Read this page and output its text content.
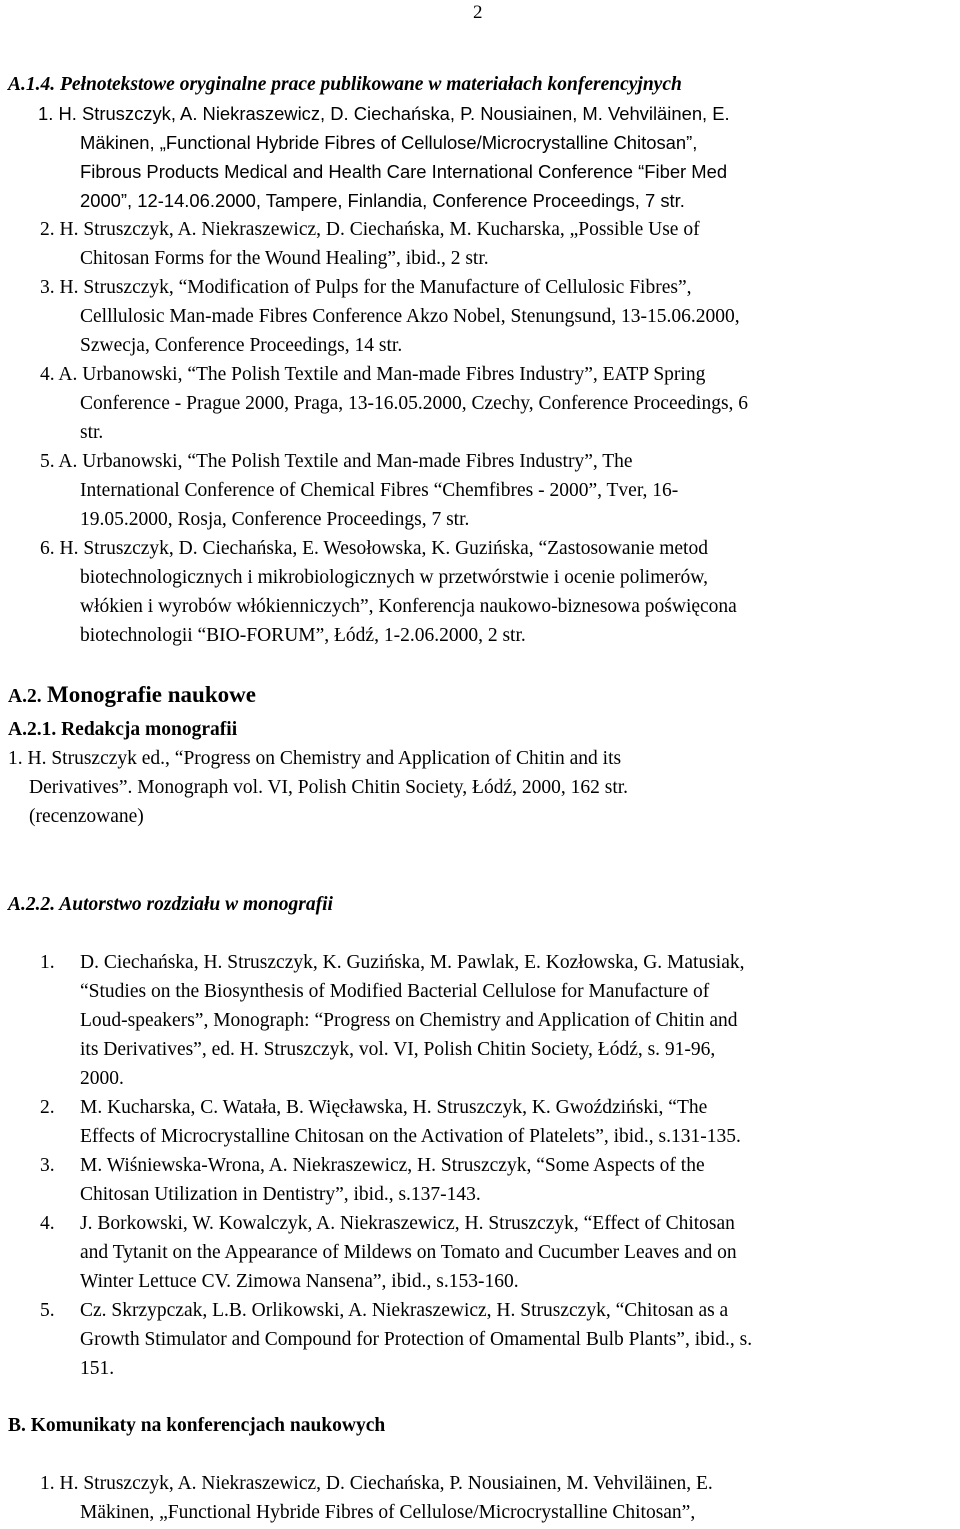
2
A.1.4. Pełnotekstowe oryginalne prace publikowane w materiałach konferencyjnych
1. H. Struszczyk, A. Niekraszewicz, D. Ciechańska, P. Nousiainen, M. Vehviläinen, E.
Mäkinen, „Functional Hybride Fibres of Cellulose/Microcrystalline Chitosan”,
Fibrous Products Medical and Health Care International Conference “Fiber Med
2000”, 12-14.06.2000, Tampere, Finlandia, Conference Proceedings, 7 str.
2. H. Struszczyk, A. Niekraszewicz, D. Ciechańska, M. Kucharska, „Possible Use of
Chitosan Forms for the Wound Healing”, ibid., 2 str.
3. H. Struszczyk, “Modification of Pulps for the Manufacture of Cellulosic Fibres”,
Celllulosic Man-made Fibres Conference Akzo Nobel, Stenungsund, 13-15.06.2000,
Szwecja, Conference Proceedings, 14 str.
4. A. Urbanowski, “The Polish Textile and Man-made Fibres Industry”, EATP Spring
Conference - Prague 2000, Praga, 13-16.05.2000, Czechy, Conference Proceedings, 6
str.
5. A. Urbanowski, “The Polish Textile and Man-made Fibres Industry”, The
International Conference of Chemical Fibres “Chemfibres - 2000”, Tver, 16-
19.05.2000, Rosja, Conference Proceedings, 7 str.
6. H. Struszczyk, D. Ciechańska, E. Wesołowska, K. Guzińska, “Zastosowanie metod
biotechnologicznych i mikrobiologicznych w przetwórstwie i ocenie polimerów,
włókien i wyrobów włókienniczych”, Konferencja naukowo-biznesowa poświęcona
biotechnologii “BIO-FORUM”, Łódź, 1-2.06.2000, 2 str.
A.2. Monografie naukowe
A.2.1. Redakcja monografii
1. H. Struszczyk ed., “Progress on Chemistry and Application of Chitin and its
Derivatives”. Monograph vol. VI, Polish Chitin Society, Łódź, 2000, 162 str.
(recenzowane)
A.2.2. Autorstwo rozdziału w monografii
1. D. Ciechańska, H. Struszczyk, K. Guzińska, M. Pawlak, E. Kozłowska, G. Matusiak,
“Studies on the Biosynthesis of Modified Bacterial Cellulose for Manufacture of
Loud-speakers”, Monograph: “Progress on Chemistry and Application of Chitin and
its Derivatives”, ed. H. Struszczyk, vol. VI, Polish Chitin Society, Łódź, s. 91-96,
2000.
2. M. Kucharska, C. Watała, B. Więcławska, H. Struszczyk, K. Gwoździński, “The
Effects of Microcrystalline Chitosan on the Activation of Platelets”, ibid., s.131-135.
3. M. Wiśniewska-Wrona, A. Niekraszewicz, H. Struszczyk, “Some Aspects of the
Chitosan Utilization in Dentistry”, ibid., s.137-143.
4. J. Borkowski, W. Kowalczyk, A. Niekraszewicz, H. Struszczyk, “Effect of Chitosan
and Tytanit on the Appearance of Mildews on Tomato and Cucumber Leaves and on
Winter Lettuce CV. Zimowa Nansena”, ibid., s.153-160.
5. Cz. Skrzypczak, L.B. Orlikowski, A. Niekraszewicz, H. Struszczyk, “Chitosan as a
Growth Stimulator and Compound for Protection of Omamental Bulb Plants”, ibid., s.
151.
B. Komunikaty na konferencjach naukowych
1. H. Struszczyk, A. Niekraszewicz, D. Ciechańska, P. Nousiainen, M. Vehviläinen, E.
Mäkinen, „Functional Hybride Fibres of Cellulose/Microcrystalline Chitosan”,
